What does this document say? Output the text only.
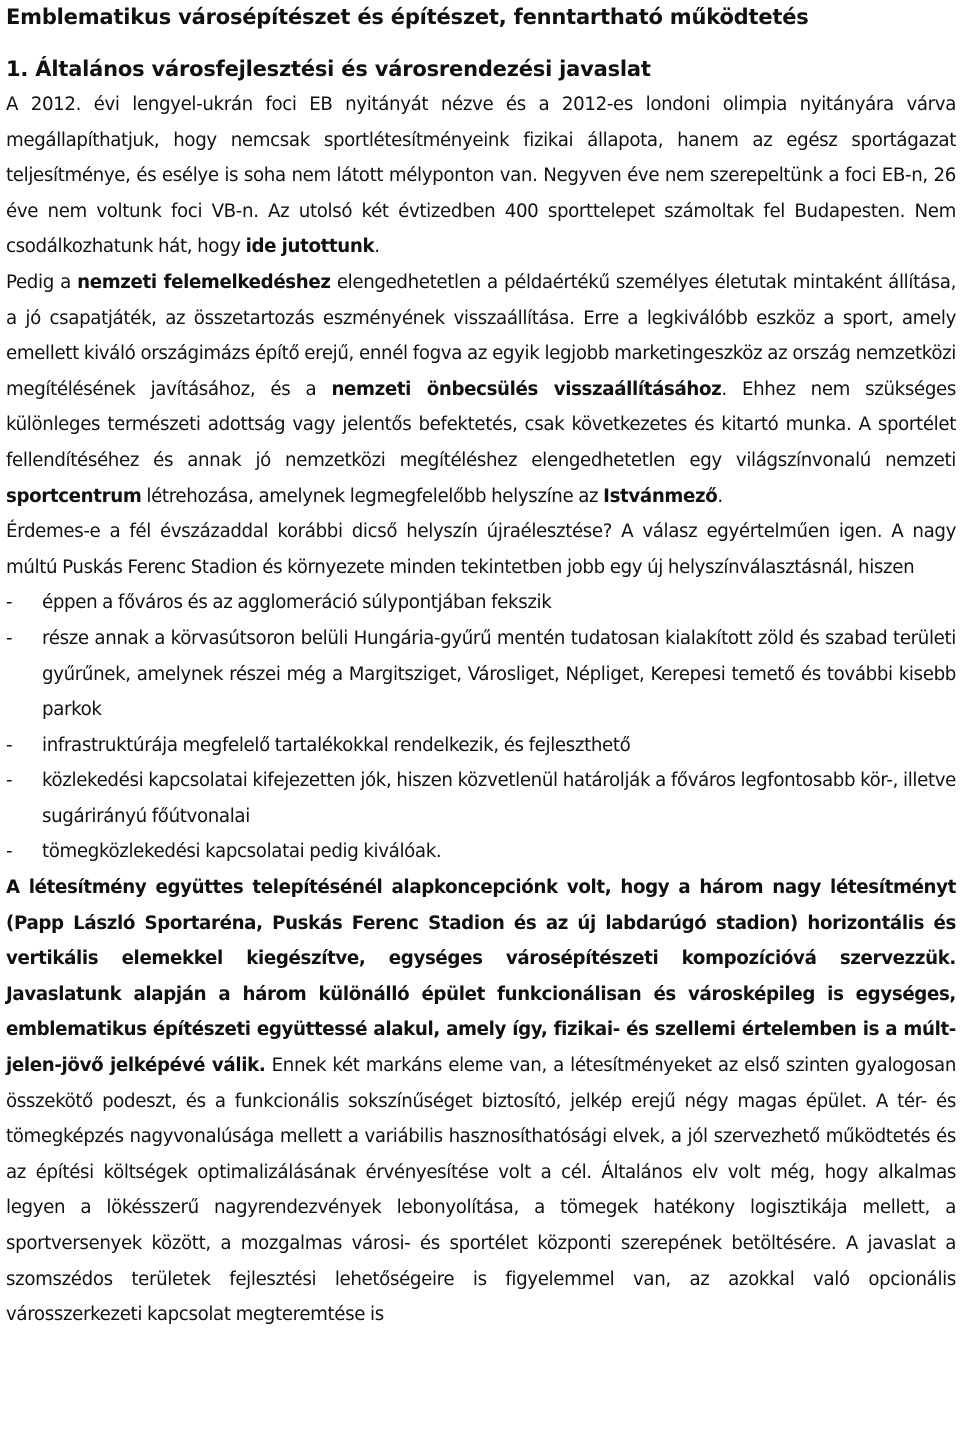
Emblematikus városépítészet és építészet, fenntartható működtetés
1. Általános városfejlesztési és városrendezési javaslat

A 2012. évi lengyel-ukrán foci EB nyitányát nézve és a 2012-es londoni olimpia nyitányára várva megállapíthatjuk, hogy nemcsak sportlétesítményeink fizikai állapota, hanem az egész sportágazat teljesítménye, és esélye is soha nem látott mélyponton van. Negyven éve nem szerepeltünk a foci EB-n, 26 éve nem voltunk foci VB-n. Az utolsó két évtizedben 400 sporttelepet számoltak fel Budapesten. Nem csodálkozhatunk hát, hogy ide jutottunk.

Pedig a nemzeti felemelkedéshez elengedhetetlen a példaértékű személyes életutak mintaként állítása, a jó csapatjáték, az összetartozás eszményének visszaállítása. Erre a legkiválóbb eszköz a sport, amely emellett kiváló országimázs építő erejű, ennél fogva az egyik legjobb marketingeszköz az ország nemzetközi megítélésének javításához, és a nemzeti önbecsülés visszaállításához. Ehhez nem szükséges különleges természeti adottság vagy jelentős befektetés, csak következetes és kitartó munka. A sportélet fellendítéséhez és annak jó nemzetközi megítéléshez elengedhetetlen egy világszínvonalú nemzeti sportcentrum létrehozása, amelynek legmegfelelőbb helyszíne az Istvánmező.

Érdemes-e a fél évszázaddal korábbi dicső helyszín újraélesztése? A válasz egyértelműen igen. A nagy múltú Puskás Ferenc Stadion és környezete minden tekintetben jobb egy új helyszínválasztásnál, hiszen

- éppen a főváros és az agglomeráció súlypontjában fekszik
- része annak a körvasútsoron belüli Hungária-gyűrű mentén tudatosan kialakított zöld és szabad területi gyűrűnek, amelynek részei még a Margitsziget, Városliget, Népliget, Kerepesi temető és további kisebb parkok
- infrastruktúrája megfelelő tartalékokkal rendelkezik, és fejleszthető
- közlekedési kapcsolatai kifejezetten jók, hiszen közvetlenül határolják a főváros legfontosabb kör-, illetve sugárirányú főútvonalai
- tömegközlekedési kapcsolatai pedig kiválóak.

A létesítmény együttes telepítésénél alapkoncepciónk volt, hogy a három nagy létesítményt (Papp László Sportaréna, Puskás Ferenc Stadion és az új labdarúgó stadion) horizontális és vertikális elemekkel kiegészítve, egységes városépítészeti kompozícióvá szervezzük. Javaslatunk alapján a három különálló épület funkcionálisan és városképileg is egységes, emblematikus építészeti együttessé alakul, amely így, fizikai- és szellemi értelemben is a múlt-jelen-jövő jelképévé válik. Ennek két markáns eleme van, a létesítményeket az első szinten gyalogosan összekötő podeszt, és a funkcionális sokszínűséget biztosító, jelkép erejű négy magas épület. A tér- és tömegképzés nagyvonalúsága mellett a variábilis hasznosíthatósági elvek, a jól szervezhető működtetés és az építési költségek optimalizálásának érvényesítése volt a cél. Általános elv volt még, hogy alkalmas legyen a lökésszerű nagyrendezvények lebonyolítása, a tömegek hatékony logisztikája mellett, a sportversenyek között, a mozgalmas városi- és sportélet központi szerepének betöltésére. A javaslat a szomszédos területek fejlesztési lehetőségeire is figyelemmel van, az azokkal való opcionális városszerkezeti kapcsolat megteremtése is
